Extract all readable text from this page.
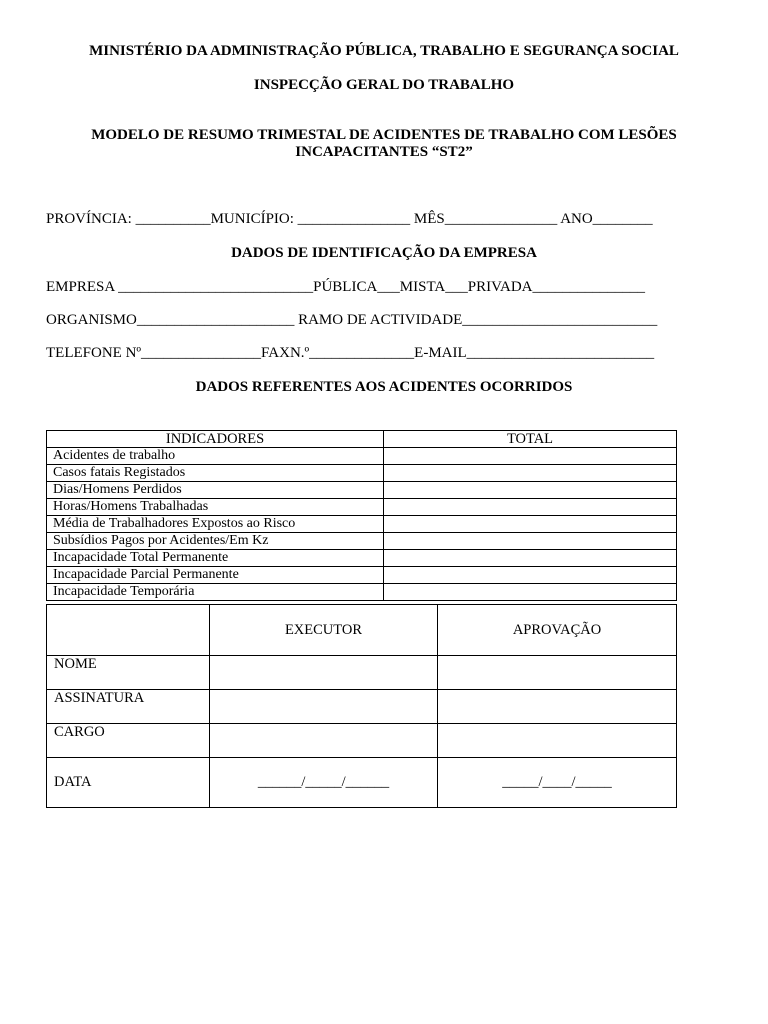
MINISTÉRIO DA ADMINISTRAÇÃO PÚBLICA, TRABALHO E SEGURANÇA SOCIAL
INSPECÇÃO GERAL DO TRABALHO
MODELO DE RESUMO TRIMESTAL DE ACIDENTES DE TRABALHO COM LESÕES
INCAPACITANTES “ST2”
PROVÍNCIA: __________MUNICÍPIO: _______________ MÊS_______________ ANO________
DADOS DE IDENTIFICAÇÃO DA EMPRESA
EMPRESA __________________________PÚBLICA___MISTA___PRIVADA_______________
ORGANISMO_____________________ RAMO DE ACTIVIDADE__________________________
TELEFONE Nº________________FAXN.º______________E-MAIL_________________________
DADOS REFERENTES AOS ACIDENTES OCORRIDOS
INDICADORES	TOTAL
Acidentes de trabalho	
Casos fatais Registados	
Dias/Homens Perdidos	
Horas/Homens Trabalhadas	
Média de Trabalhadores Expostos ao Risco	
Subsídios Pagos por Acidentes/Em Kz	
Incapacidade Total Permanente	
Incapacidade Parcial Permanente	
Incapacidade Temporária	
	EXECUTOR	APROVAÇÃO
NOME		
ASSINATURA		
CARGO		
DATA	______/_____/______	_____/____/_____
